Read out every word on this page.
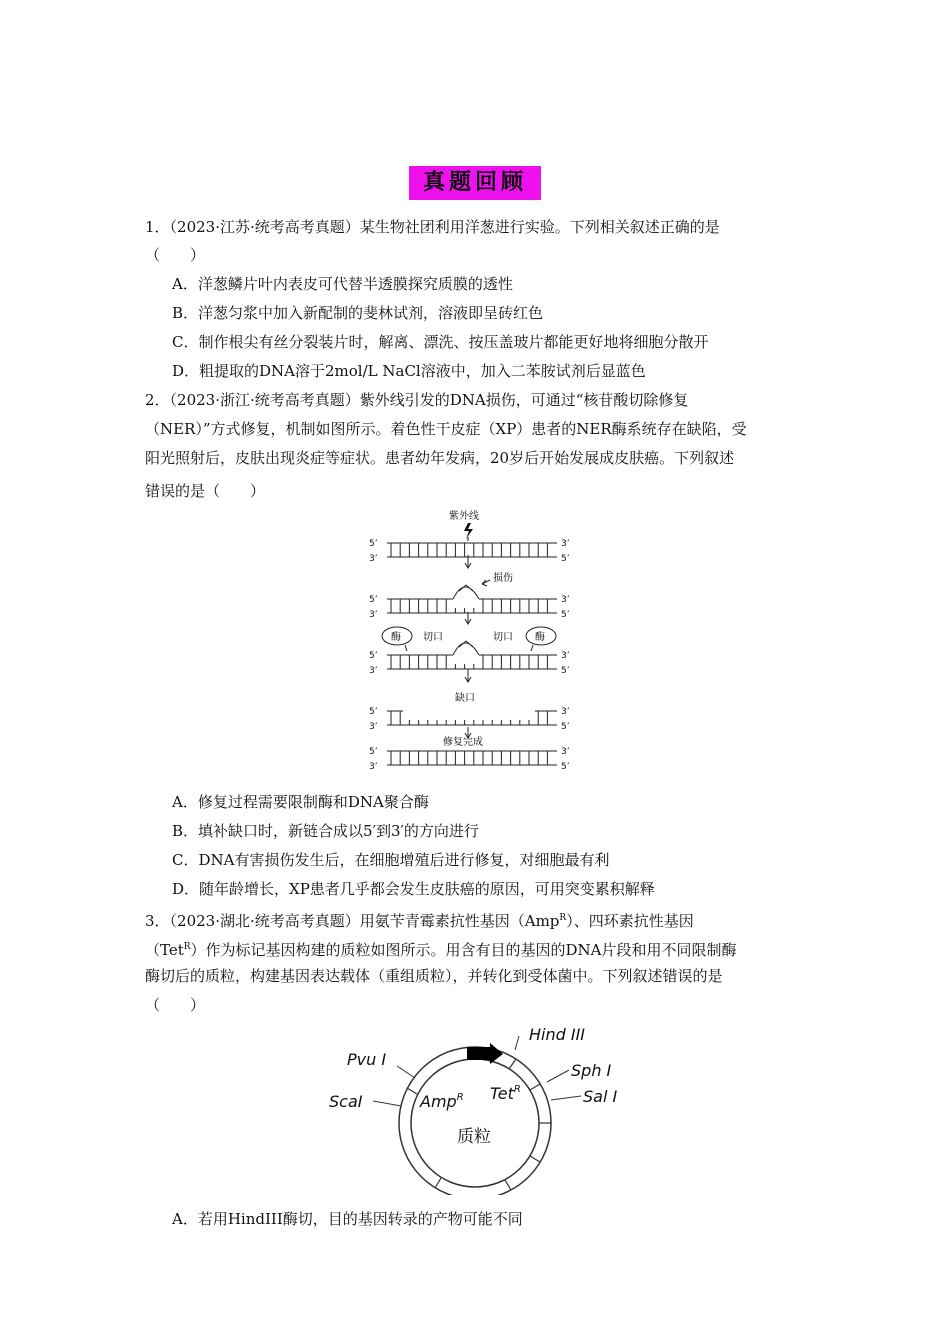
真题回顾
1．（2023·江苏·统考高考真题）某生物社团利用洋葱进行实验。下列相关叙述正确的是
（　　）
A．洋葱鳞片叶内表皮可代替半透膜探究质膜的透性
B．洋葱匀浆中加入新配制的斐林试剂，溶液即呈砖红色
C．制作根尖有丝分裂装片时，解离、漂洗、按压盖玻片都能更好地将细胞分散开
D．粗提取的DNA溶于2mol/L NaCl溶液中，加入二苯胺试剂后显蓝色
2．（2023·浙江·统考高考真题）紫外线引发的DNA损伤，可通过“核苷酸切除修复
（NER）”方式修复，机制如图所示。着色性干皮症（XP）患者的NER酶系统存在缺陷，受
阳光照射后，皮肤出现炎症等症状。患者幼年发病，20岁后开始发展成皮肤癌。下列叙述
错误的是（　　）
紫外线
5’	3’
3’	5’
5’	3’
3’	5’
5’	3’
3’	5’
5’	3’
3’	5’
5’	3’
3’	5’
损伤
酶	酶
切口	切口
缺口
修复完成
A．修复过程需要限制酶和DNA聚合酶
B．填补缺口时，新链合成以5′到3′的方向进行
C．DNA有害损伤发生后，在细胞增殖后进行修复，对细胞最有利
D．随年龄增长，XP患者几乎都会发生皮肤癌的原因，可用突变累积解释
3．（2023·湖北·统考高考真题）用氨苄青霉素抗性基因（Amp$^R$）、四环素抗性基因
（Tet$^R$）作为标记基因构建的质粒如图所示。用含有目的基因的DNA片段和用不同限制酶
酶切后的质粒，构建基因表达载体（重组质粒），并转化到受体菌中。下列叙述错误的是
（　　）
Hind III
Pvu I
Sph I
ScaI	Sal I
Amp$^R$ Tet$^R$
质粒
A．若用HindIII酶切，目的基因转录的产物可能不同
